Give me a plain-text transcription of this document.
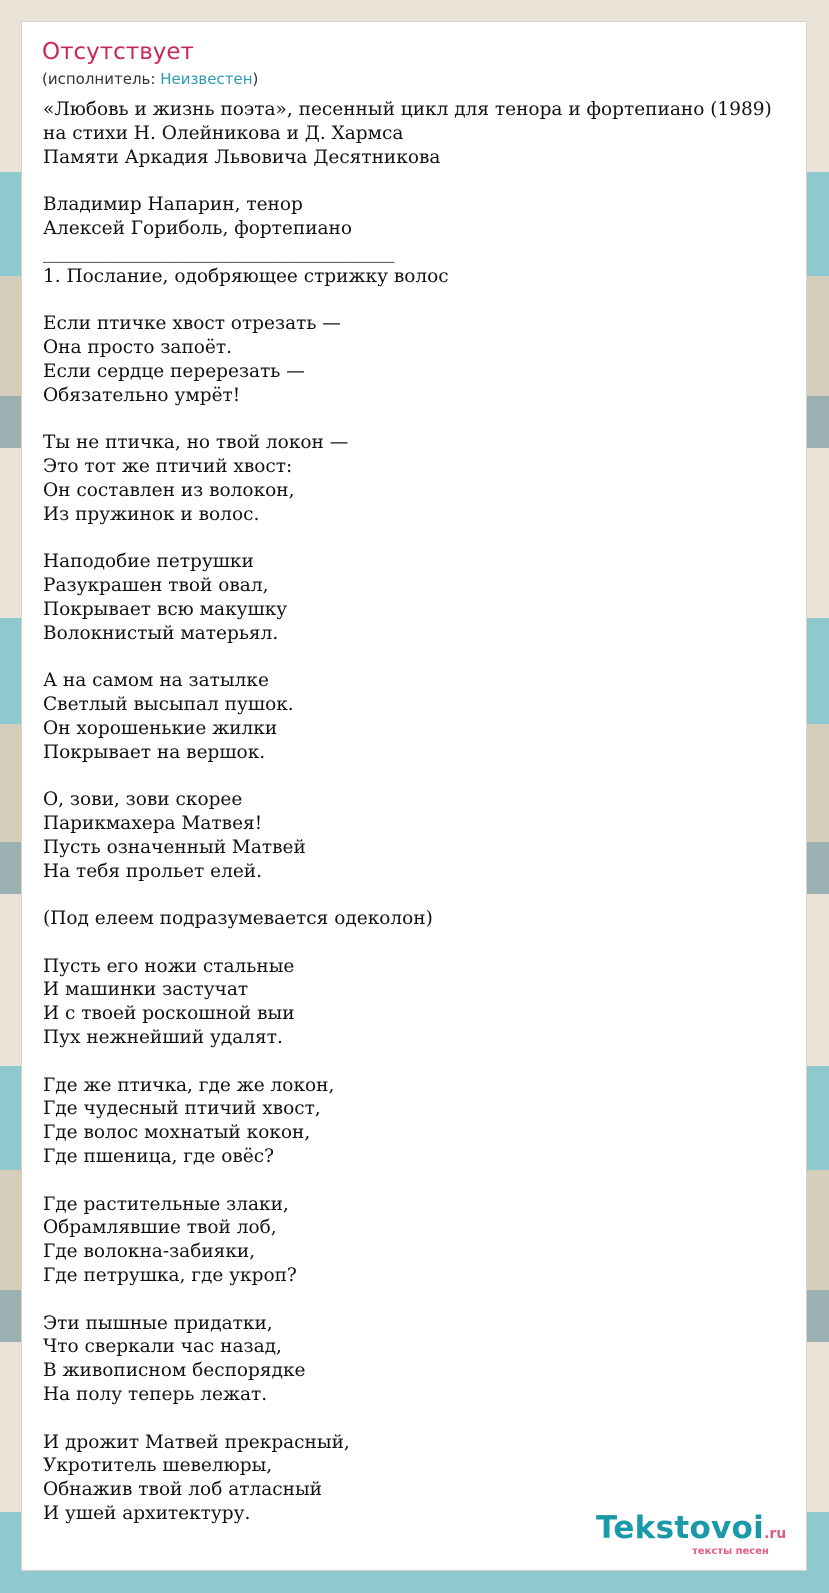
Отсутствует
(исполнитель: Неизвестен)
«Любовь и жизнь поэта», песенный цикл для тенора и фортепиано (1989)
на стихи Н. Олейникова и Д. Хармса
Памяти Аркадия Львовича Десятникова
Владимир Напарин, тенор
Алексей Гориболь, фортепиано
______________________________________
1. Послание, одобряющее стрижку волос
Если птичке хвост отрезать —
Она просто запоёт.
Если сердце перерезать —
Обязательно умрёт!
Ты не птичка, но твой локон —
Это тот же птичий хвост:
Он составлен из волокон,
Из пружинок и волос.
Наподобие петрушки
Разукрашен твой овал,
Покрывает всю макушку
Волокнистый матерьял.
А на самом на затылке
Светлый высыпал пушок.
Он хорошенькие жилки
Покрывает на вершок.
О, зови, зови скорее
Парикмахера Матвея!
Пусть означенный Матвей
На тебя прольет елей.
(Под елеем подразумевается одеколон)
Пусть его ножи стальные
И машинки застучат
И с твоей роскошной выи
Пух нежнейший удалят.
Где же птичка, где же локон,
Где чудесный птичий хвост,
Где волос мохнатый кокон,
Где пшеница, где овёс?
Где растительные злаки,
Обрамлявшие твой лоб,
Где волокна-забияки,
Где петрушка, где укроп?
Эти пышные придатки,
Что сверкали час назад,
В живописном беспорядке
На полу теперь лежат.
И дрожит Матвей прекрасный,
Укротитель шевелюры,
Обнажив твой лоб атласный
И ушей архитектуру.	Tekstovoi.ru
тексты песен
